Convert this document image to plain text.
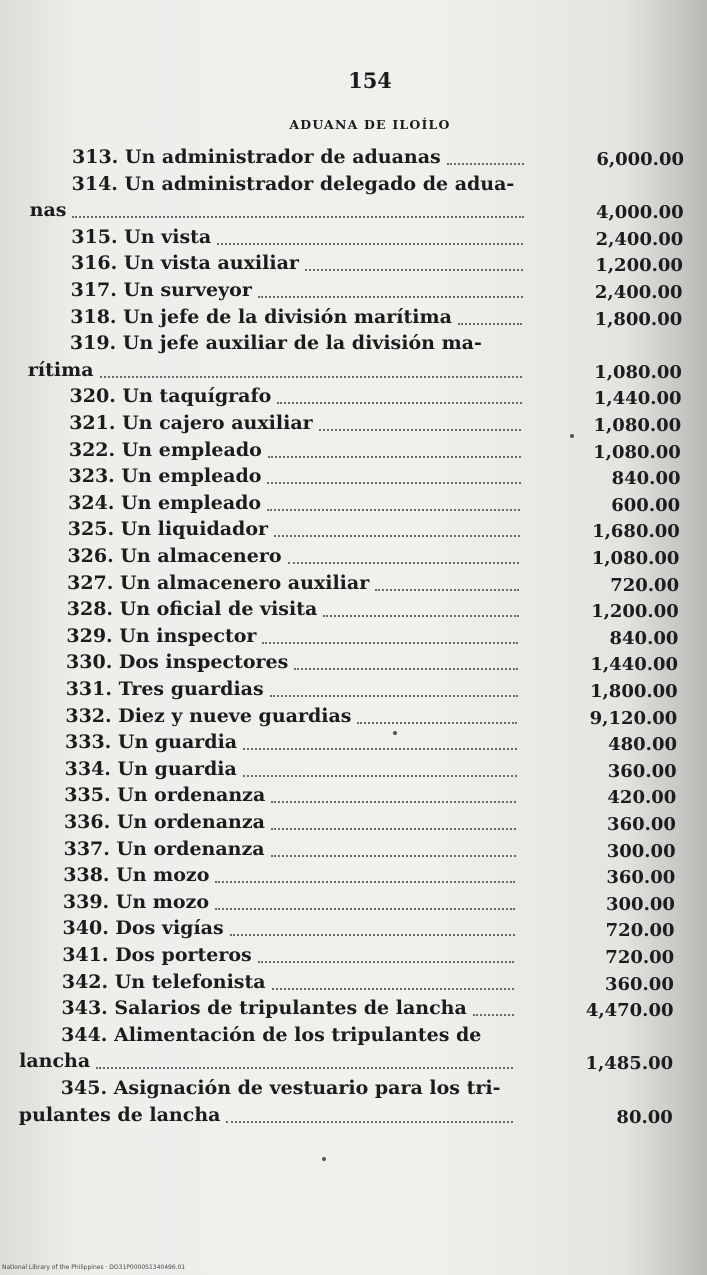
154
ADUANA DE ILOÍLO
313. Un administrador de aduanas	6,000.00
314. Un administrador delegado de adua-
nas	4,000.00
315. Un vista	2,400.00
316. Un vista auxiliar	1,200.00
317. Un surveyor	2,400.00
318. Un jefe de la división marítima	1,800.00
319. Un jefe auxiliar de la división ma-
rítima	1,080.00
320. Un taquígrafo	1,440.00
321. Un cajero auxiliar	1,080.00
322. Un empleado	1,080.00
323. Un empleado	840.00
324. Un empleado	600.00
325. Un liquidador	1,680.00
326. Un almacenero	1,080.00
327. Un almacenero auxiliar	720.00
328. Un oficial de visita	1,200.00
329. Un inspector	840.00
330. Dos inspectores	1,440.00
331. Tres guardias	1,800.00
332. Diez y nueve guardias	9,120.00
333. Un guardia	480.00
334. Un guardia	360.00
335. Un ordenanza	420.00
336. Un ordenanza	360.00
337. Un ordenanza	300.00
338. Un mozo	360.00
339. Un mozo	300.00
340. Dos vigías	720.00
341. Dos porteros	720.00
342. Un telefonista	360.00
343. Salarios de tripulantes de lancha	4,470.00
344. Alimentación de los tripulantes de
lancha	1,485.00
345. Asignación de vestuario para los tri-
pulantes de lancha	80.00
National Library of the Philippines · DO31P0000S1340496.01
